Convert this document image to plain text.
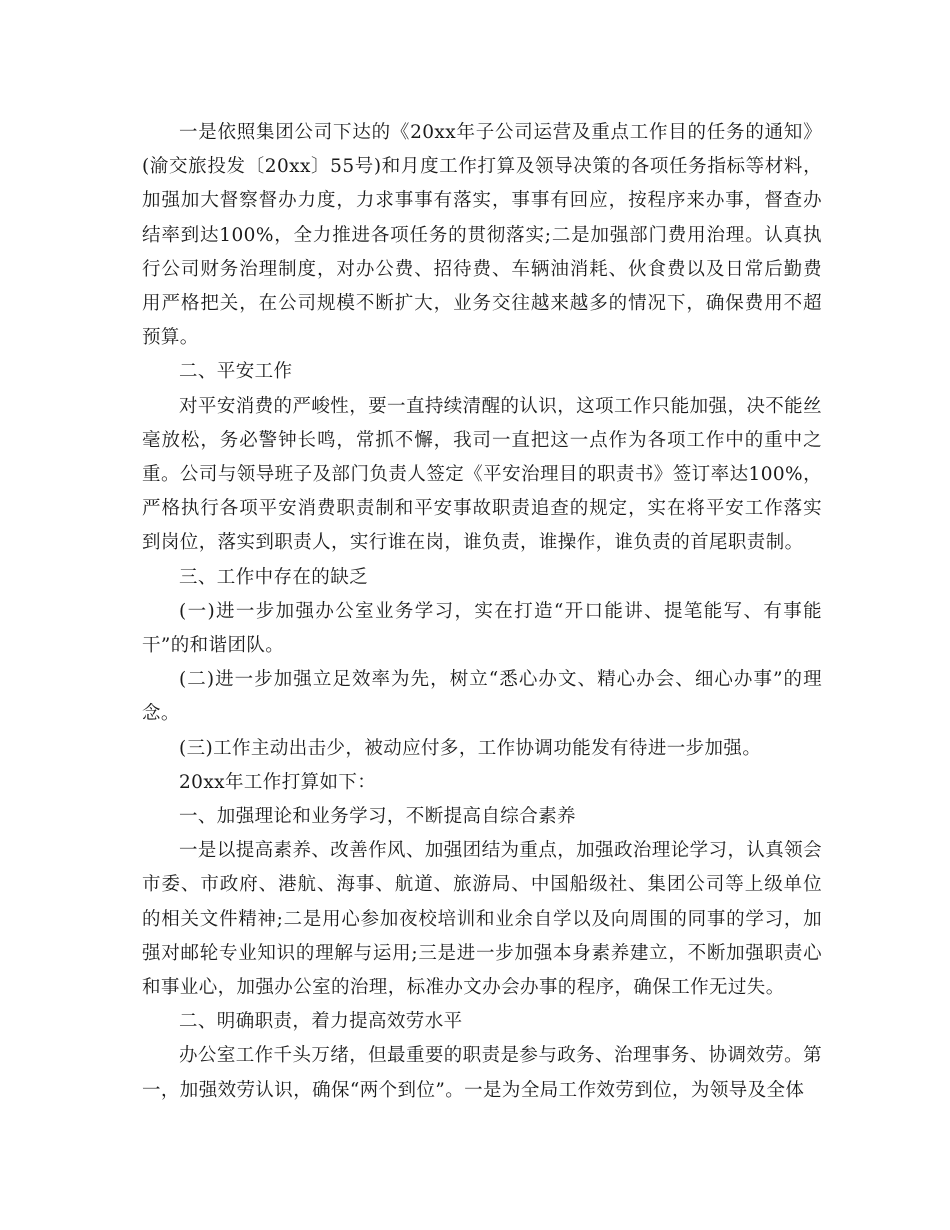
一是依照集团公司下达的《20xx年子公司运营及重点工作目的任务的通知》(渝交旅投发〔20xx〕55号)和月度工作打算及领导决策的各项任务指标等材料，加强加大督察督办力度，力求事事有落实，事事有回应，按程序来办事，督查办结率到达100%，全力推进各项任务的贯彻落实;二是加强部门费用治理。认真执行公司财务治理制度，对办公费、招待费、车辆油消耗、伙食费以及日常后勤费用严格把关，在公司规模不断扩大，业务交往越来越多的情况下，确保费用不超预算。

二、平安工作

对平安消费的严峻性，要一直持续清醒的认识，这项工作只能加强，决不能丝毫放松，务必警钟长鸣，常抓不懈，我司一直把这一点作为各项工作中的重中之重。公司与领导班子及部门负责人签定《平安治理目的职责书》签订率达100%，严格执行各项平安消费职责制和平安事故职责追查的规定，实在将平安工作落实到岗位，落实到职责人，实行谁在岗，谁负责，谁操作，谁负责的首尾职责制。

三、工作中存在的缺乏

(一)进一步加强办公室业务学习，实在打造“开口能讲、提笔能写、有事能干”的和谐团队。

(二)进一步加强立足效率为先，树立“悉心办文、精心办会、细心办事”的理念。

(三)工作主动出击少，被动应付多，工作协调功能发有待进一步加强。

20xx年工作打算如下：

一、加强理论和业务学习，不断提高自综合素养

一是以提高素养、改善作风、加强团结为重点，加强政治理论学习，认真领会市委、市政府、港航、海事、航道、旅游局、中国船级社、集团公司等上级单位的相关文件精神;二是用心参加夜校培训和业余自学以及向周围的同事的学习，加强对邮轮专业知识的理解与运用;三是进一步加强本身素养建立，不断加强职责心和事业心，加强办公室的治理，标准办文办会办事的程序，确保工作无过失。

二、明确职责，着力提高效劳水平

办公室工作千头万绪，但最重要的职责是参与政务、治理事务、协调效劳。第一，加强效劳认识，确保“两个到位”。一是为全局工作效劳到位，为领导及全体
